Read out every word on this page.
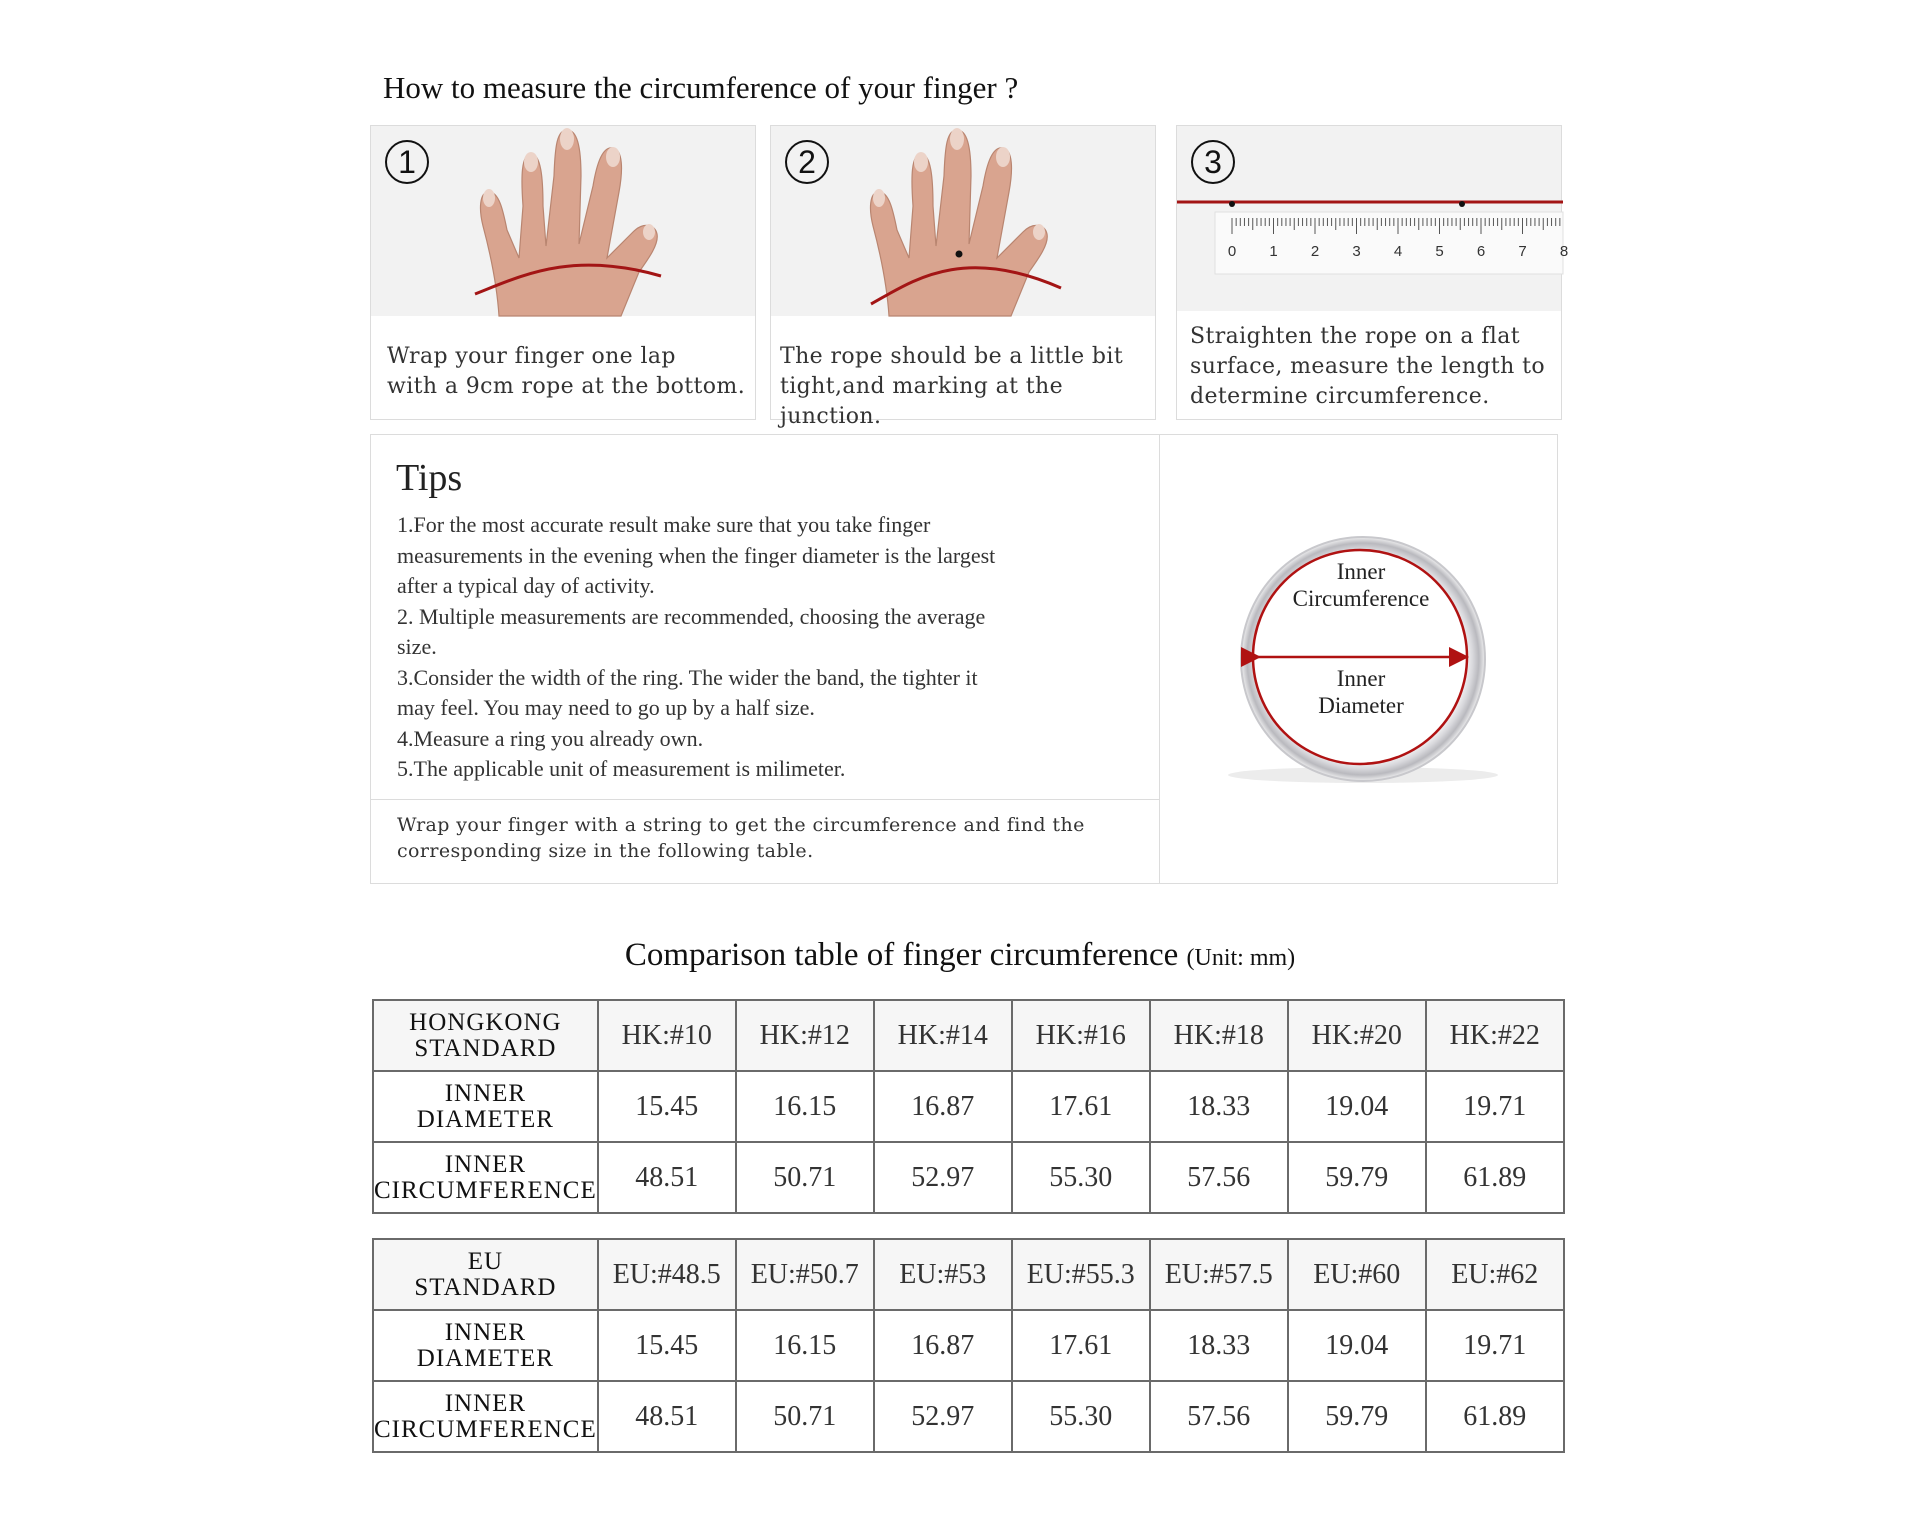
How to measure the circumference of your finger ?
1
Wrap your finger one lap
with a 9cm rope at the bottom.
2
The rope should be a little bit
tight,and marking at the junction.
0 1 2 3 4 5 6 7 8
3
Straighten the rope on a flat
surface, measure the length to
determine circumference.
Tips
1.For the most accurate result make sure that you take finger
measurements in the evening when the finger diameter is the largest
after a typical day of activity.
2. Multiple measurements are recommended, choosing the average
size.
3.Consider the width of the ring. The wider the band, the tighter it
may feel. You may need to go up by a half size.
4.Measure a ring you already own.
5.The applicable unit of measurement is milimeter.
Wrap your finger with a string to get the circumference and find the
corresponding size in the following table.
Inner
Circumference
Inner
Diameter
Comparison table of finger circumference (Unit: mm)
HONGKONG
STANDARD	HK:#10	HK:#12	HK:#14	HK:#16	HK:#18	HK:#20	HK:#22

INNER
DIAMETER	15.45	16.15	16.87	17.61	18.33	19.04	19.71

INNER
CIRCUMFERENCE	48.51	50.71	52.97	55.30	57.56	59.79	61.89
EU
STANDARD	EU:#48.5	EU:#50.7	EU:#53	EU:#55.3	EU:#57.5	EU:#60	EU:#62

INNER
DIAMETER	15.45	16.15	16.87	17.61	18.33	19.04	19.71

INNER
CIRCUMFERENCE	48.51	50.71	52.97	55.30	57.56	59.79	61.89
